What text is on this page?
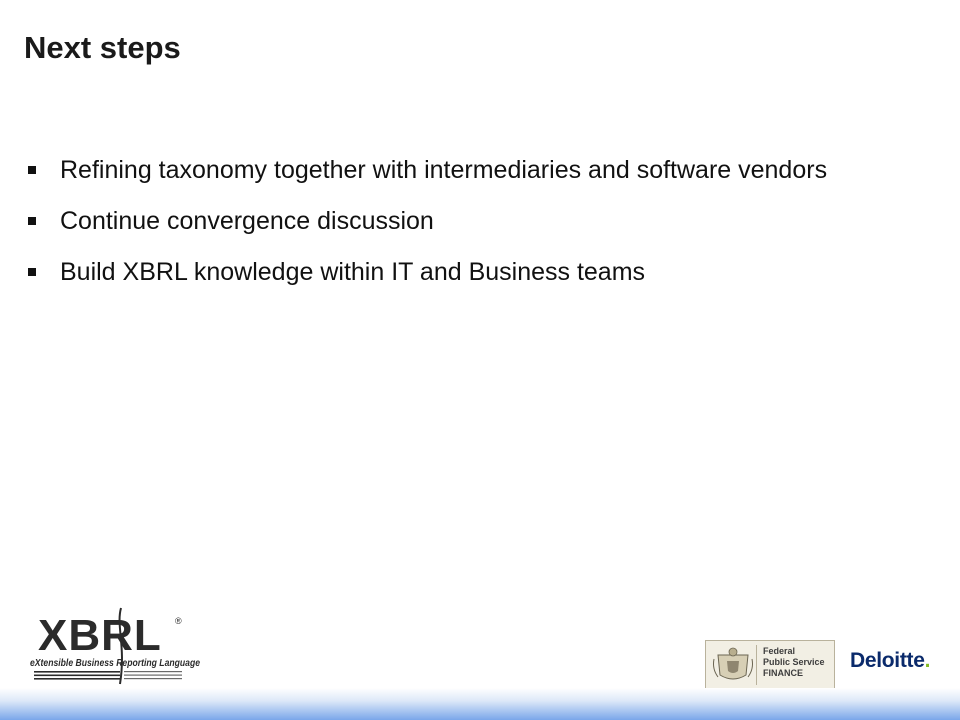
Next steps
Refining taxonomy together with intermediaries and software vendors
Continue convergence discussion
Build XBRL knowledge within IT and Business teams
XBRL ®
eXtensible Business Reporting Language
Federal
Public Service
FINANCE
Deloitte.
